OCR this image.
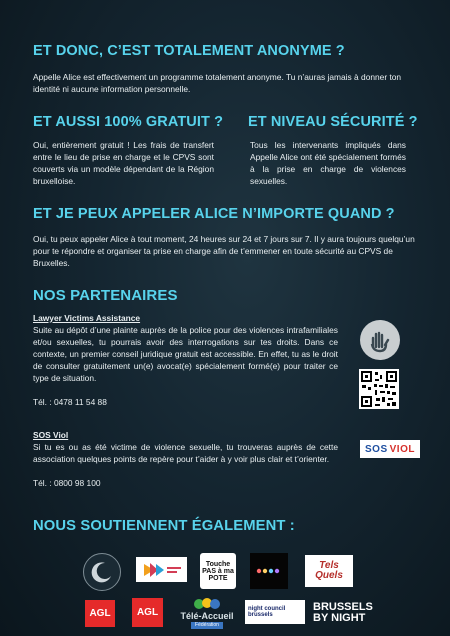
ET DONC, C’EST TOTALEMENT ANONYME ?

Appelle Alice est effectivement un programme totalement anonyme. Tu n’auras jamais à donner ton identité ni aucune information personnelle.

ET AUSSI 100% GRATUIT ?

Oui, entièrement gratuit ! Les frais de transfert entre le lieu de prise en charge et le CPVS sont couverts via un modèle dépendant de la Région bruxelloise.

ET NIVEAU SÉCURITÉ ?

Tous les intervenants impliqués dans Appelle Alice ont été spécialement formés à la prise en charge de violences sexuelles.

ET JE PEUX APPELER ALICE N’IMPORTE QUAND ?

Oui, tu peux appeler Alice à tout moment, 24 heures sur 24 et 7 jours sur 7. Il y aura toujours quelqu’un pour te répondre et organiser ta prise en charge afin de t’emmener en toute sécurité au CPVS de Bruxelles.

NOS PARTENAIRES
Lawyer Victims Assistance
Suite au dépôt d’une plainte auprès de la police pour des violences intrafamiliales et/ou sexuelles, tu pourrais avoir des interrogations sur tes droits. Dans ce contexte, un premier conseil juridique gratuit est accessible. En effet, tu as le droit de consulter gratuitement un(e) avocat(e) spécialement formé(e) pour traiter ce type de situation.
Tél. : 0478 11 54 88
SOS Viol
Si tu es ou as été victime de violence sexuelle, tu trouveras auprès de cette association quelques points de repère pour t’aider à y voir plus clair et t’orienter.
Tél. : 0800 98 100
SOS VIOL
NOUS SOUTIENNENT ÉGALEMENT :
Touche PAS à ma POTE
Tels Quels
AGL	AGL	Télé-Accueil
Fédération
night council brussels
BRUSSELS
BY NIGHT
